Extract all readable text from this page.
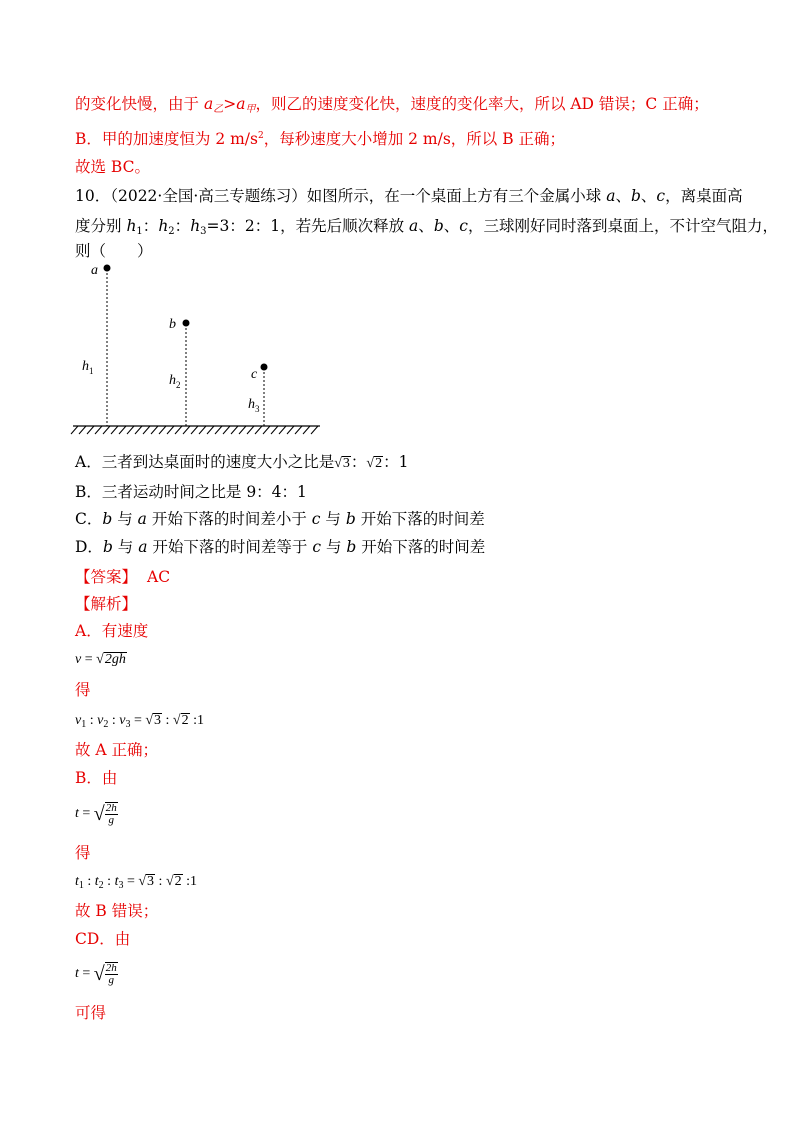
的变化快慢，由于 $a_乙>a_甲$，则乙的速度变化快，速度的变化率大，所以 AD 错误；C 正确；
B．甲的加速度恒为 2 $m/s^2$，每秒速度大小增加 2 m/s，所以 B 正确；
故选 BC。
10．（2022·全国·高三专题练习）如图所示，在一个桌面上方有三个金属小球 a、b、c，离桌面高
度分别 $h_1$：$h_2$：$h_3=3$：2：1，若先后顺次释放 a、b、c，三球刚好同时落到桌面上，不计空气阻力，
则（　　）
a
b
c
$h_1$
$h_2$
$h_3$
A．三者到达桌面时的速度大小之比是√3：√2：1
B．三者运动时间之比是 9：4：1
C．b 与 a 开始下落的时间差小于 c 与 b 开始下落的时间差
D．b 与 a 开始下落的时间差等于 c 与 b 开始下落的时间差
【答案】 AC
【解析】
A．有速度
v = √2gh
得
$v_1$ : $v_2$ : $v_3 = √3$ : √2 :1
故 A 正确；
B．由
t = √ $\frac{2h}{g}$
得
$t_1$ : $t_2$ : $t_3 = √3$ : √2 :1
故 B 错误；
CD．由
t = √ $\frac{2h}{g}$
可得
